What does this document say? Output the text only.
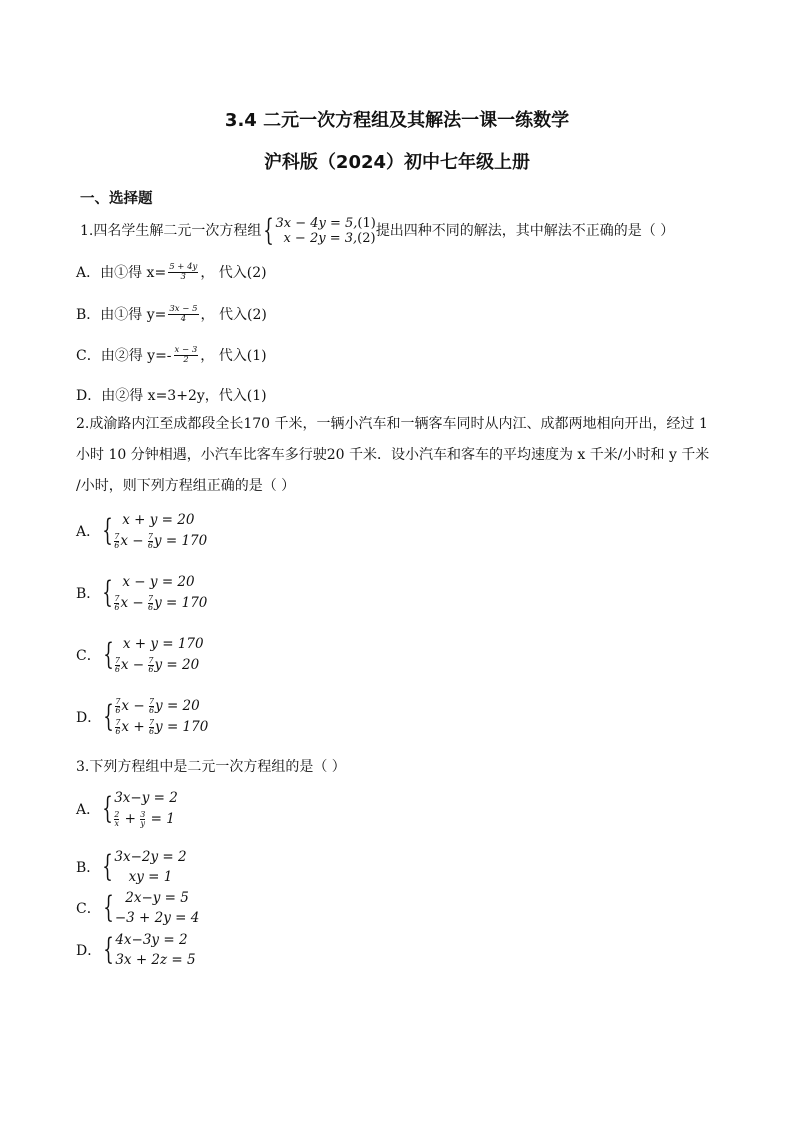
3.4 二元一次方程组及其解法一课一练数学
沪科版（2024）初中七年级上册
一、选择题
1.四名学生解二元一次方程组 { 3x − 4y = 5,(1)
x − 2y = 3,(2) 提出四种不同的解法，其中解法不正确的是（ ）
A．由①得 $x= \frac{5 + 4y}{3}$ ， 代入(2)
B．由①得 $y= \frac{3x - 5}{4}$ ， 代入(2)
C．由②得 $y=- \frac{x - 3}{2}$ ， 代入(1)
D．由②得 x=3+2y，代入(1)
2.成渝路内江至成都段全长170 千米，一辆小汽车和一辆客车同时从内江、成都两地相向开出，经过 1
小时 10 分钟相遇，小汽车比客车多行驶20 千米．设小汽车和客车的平均速度为 x 千米/小时和 y 千米
/小时，则下列方程组正确的是（ ）
A． { x + y = 20
$\frac{7}{6}$ $x - \frac{7}{6}$ y = 170
B． { x − y = 20
$\frac{7}{6}$ $x - \frac{7}{6}$ y = 170
C． { x + y = 170
$\frac{7}{6}$ $x - \frac{7}{6}$ y = 20
D． { $\frac{7}{6}$ $x - \frac{7}{6}$ y = 20
$\frac{7}{6}$ $x + \frac{7}{6}$ y = 170
3.下列方程组中是二元一次方程组的是（ ）
A． { 3x−y = 2
$\frac{2}{x} + \frac{3}{y} = 1$
B． { 3x−2y = 2
xy = 1
C． { 2x−y = 5
−3 + 2y = 4
D． { 4x−3y = 2
3x + 2z = 5
